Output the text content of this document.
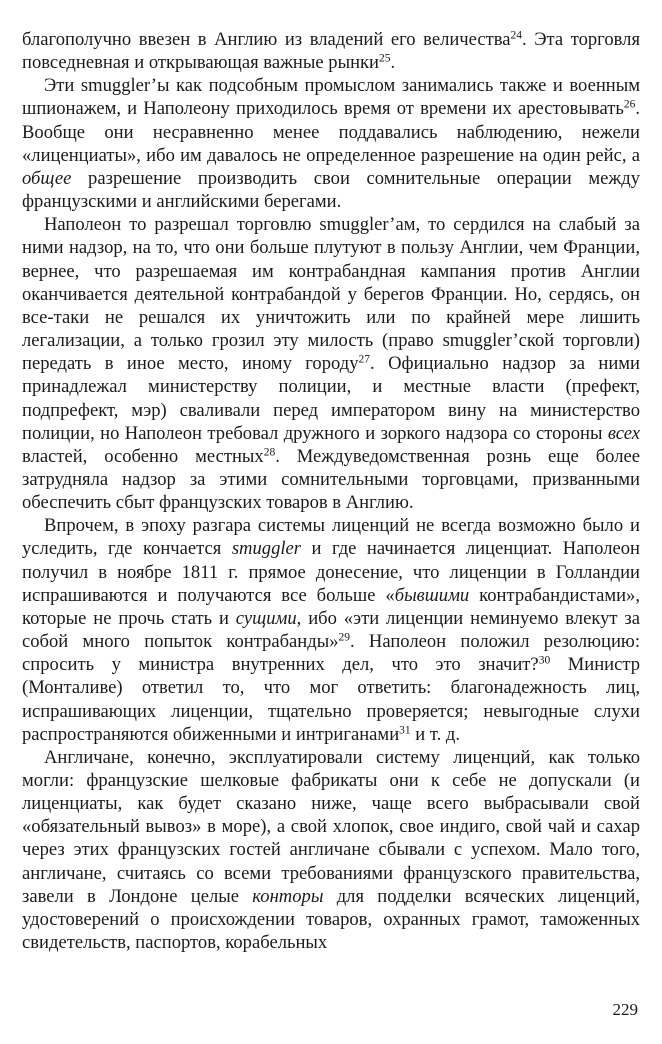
благополучно ввезен в Англию из владений его величества$^{24}$. Эта торговля повседневная и открывающая важные рынки$^{25}$.

Эти smuggler’ы как подсобным промыслом занимались также и военным шпионажем, и Наполеону приходилось время от времени их арестовывать$^{26}$. Вообще они несравненно менее поддавались наблюдению, нежели «лиценциаты», ибо им давалось не определенное разрешение на один рейс, а общее разрешение производить свои сомнительные операции между французскими и английскими берегами.

Наполеон то разрешал торговлю smuggler’ам, то сердился на слабый за ними надзор, на то, что они больше плутуют в пользу Англии, чем Франции, вернее, что разрешаемая им контрабандная кампания против Англии оканчивается деятельной контрабандой у берегов Франции. Но, сердясь, он все-таки не решался их уничтожить или по крайней мере лишить легализации, а только грозил эту милость (право smuggler’ской торговли) передать в иное место, иному городу$^{27}$. Официально надзор за ними принадлежал министерству полиции, и местные власти (префект, подпрефект, мэр) сваливали перед императором вину на министерство полиции, но Наполеон требовал дружного и зоркого надзора со стороны всех властей, особенно местных$^{28}$. Междуведомственная рознь еще более затрудняла надзор за этими сомнительными торговцами, призванными обеспечить сбыт французских товаров в Англию.

Впрочем, в эпоху разгара системы лиценций не всегда возможно было и уследить, где кончается smuggler и где начинается лиценциат. Наполеон получил в ноябре 1811 г. прямое донесение, что лиценции в Голландии испрашиваются и получаются все больше «бывшими контрабандистами», которые не прочь стать и сущими, ибо «эти лиценции неминуемо влекут за собой много попыток контрабанды»$^{29}$. Наполеон положил резолюцию: спросить у министра внутренних дел, что это значит?$^{30}$ Министр (Монталиве) ответил то, что мог ответить: благонадежность лиц, испрашивающих лиценции, тщательно проверяется; невыгодные слухи распространяются обиженными и интриганами$^{31}$ и т. д.

Англичане, конечно, эксплуатировали систему лиценций, как только могли: французские шелковые фабрикаты они к себе не допускали (и лиценциаты, как будет сказано ниже, чаще всего выбрасывали свой «обязательный вывоз» в море), а свой хлопок, свое индиго, свой чай и сахар через этих французских гостей англичане сбывали с успехом. Мало того, англичане, считаясь со всеми требованиями французского правительства, завели в Лондоне целые конторы для подделки всяческих лиценций, удостоверений о происхождении товаров, охранных грамот, таможенных свидетельств, паспортов, корабельных

229
